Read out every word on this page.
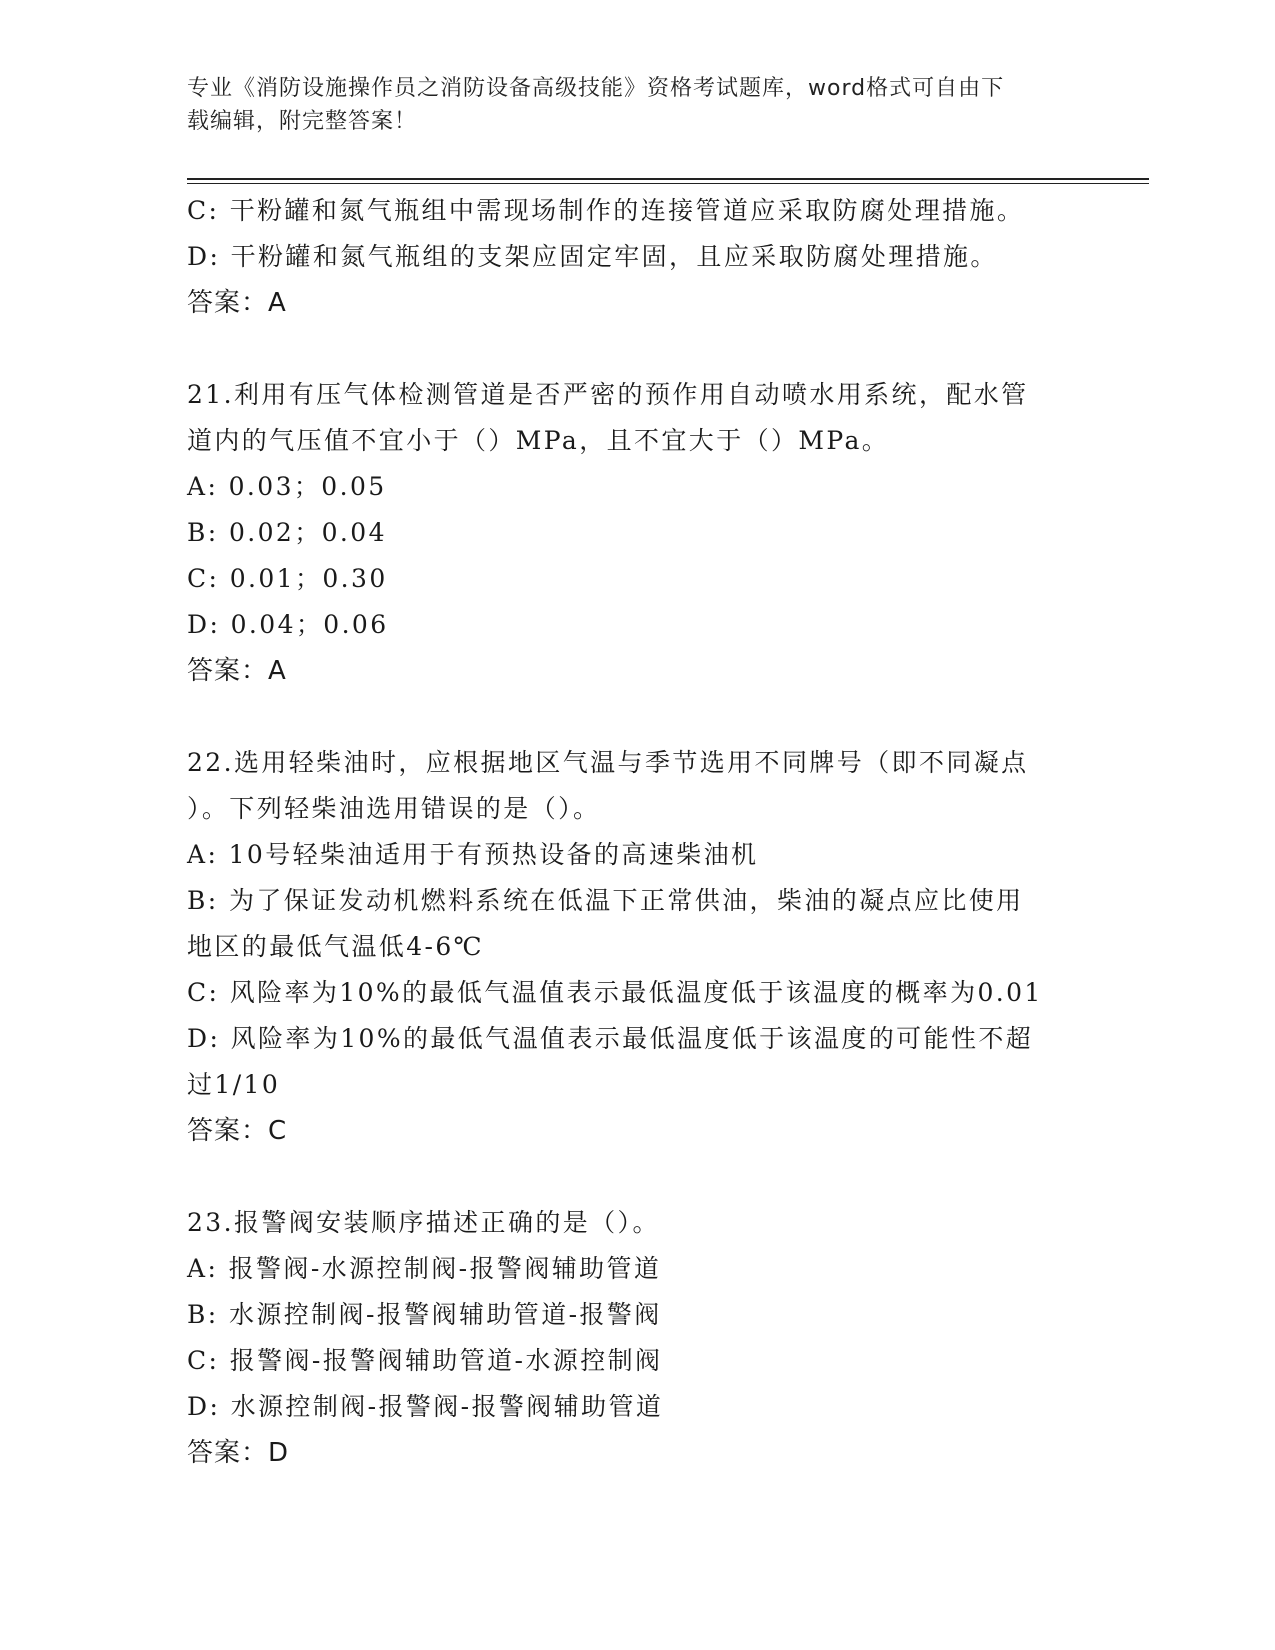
专业《消防设施操作员之消防设备高级技能》资格考试题库，word格式可自由下
载编辑，附完整答案！
C: 干粉罐和氮气瓶组中需现场制作的连接管道应采取防腐处理措施。
D: 干粉罐和氮气瓶组的支架应固定牢固，且应采取防腐处理措施。
答案：A
21.利用有压气体检测管道是否严密的预作用自动喷水用系统，配水管
道内的气压值不宜小于（）MPa，且不宜大于（）MPa。
A: 0.03；0.05
B: 0.02；0.04
C: 0.01；0.30
D: 0.04；0.06
答案：A
22.选用轻柴油时，应根据地区气温与季节选用不同牌号（即不同凝点
）。下列轻柴油选用错误的是（）。
A: 10号轻柴油适用于有预热设备的高速柴油机
B: 为了保证发动机燃料系统在低温下正常供油，柴油的凝点应比使用
地区的最低气温低4-6℃
C: 风险率为10%的最低气温值表示最低温度低于该温度的概率为0.01
D: 风险率为10%的最低气温值表示最低温度低于该温度的可能性不超
过1/10
答案：C
23.报警阀安装顺序描述正确的是（）。
A: 报警阀-水源控制阀-报警阀辅助管道
B: 水源控制阀-报警阀辅助管道-报警阀
C: 报警阀-报警阀辅助管道-水源控制阀
D: 水源控制阀-报警阀-报警阀辅助管道
答案：D
